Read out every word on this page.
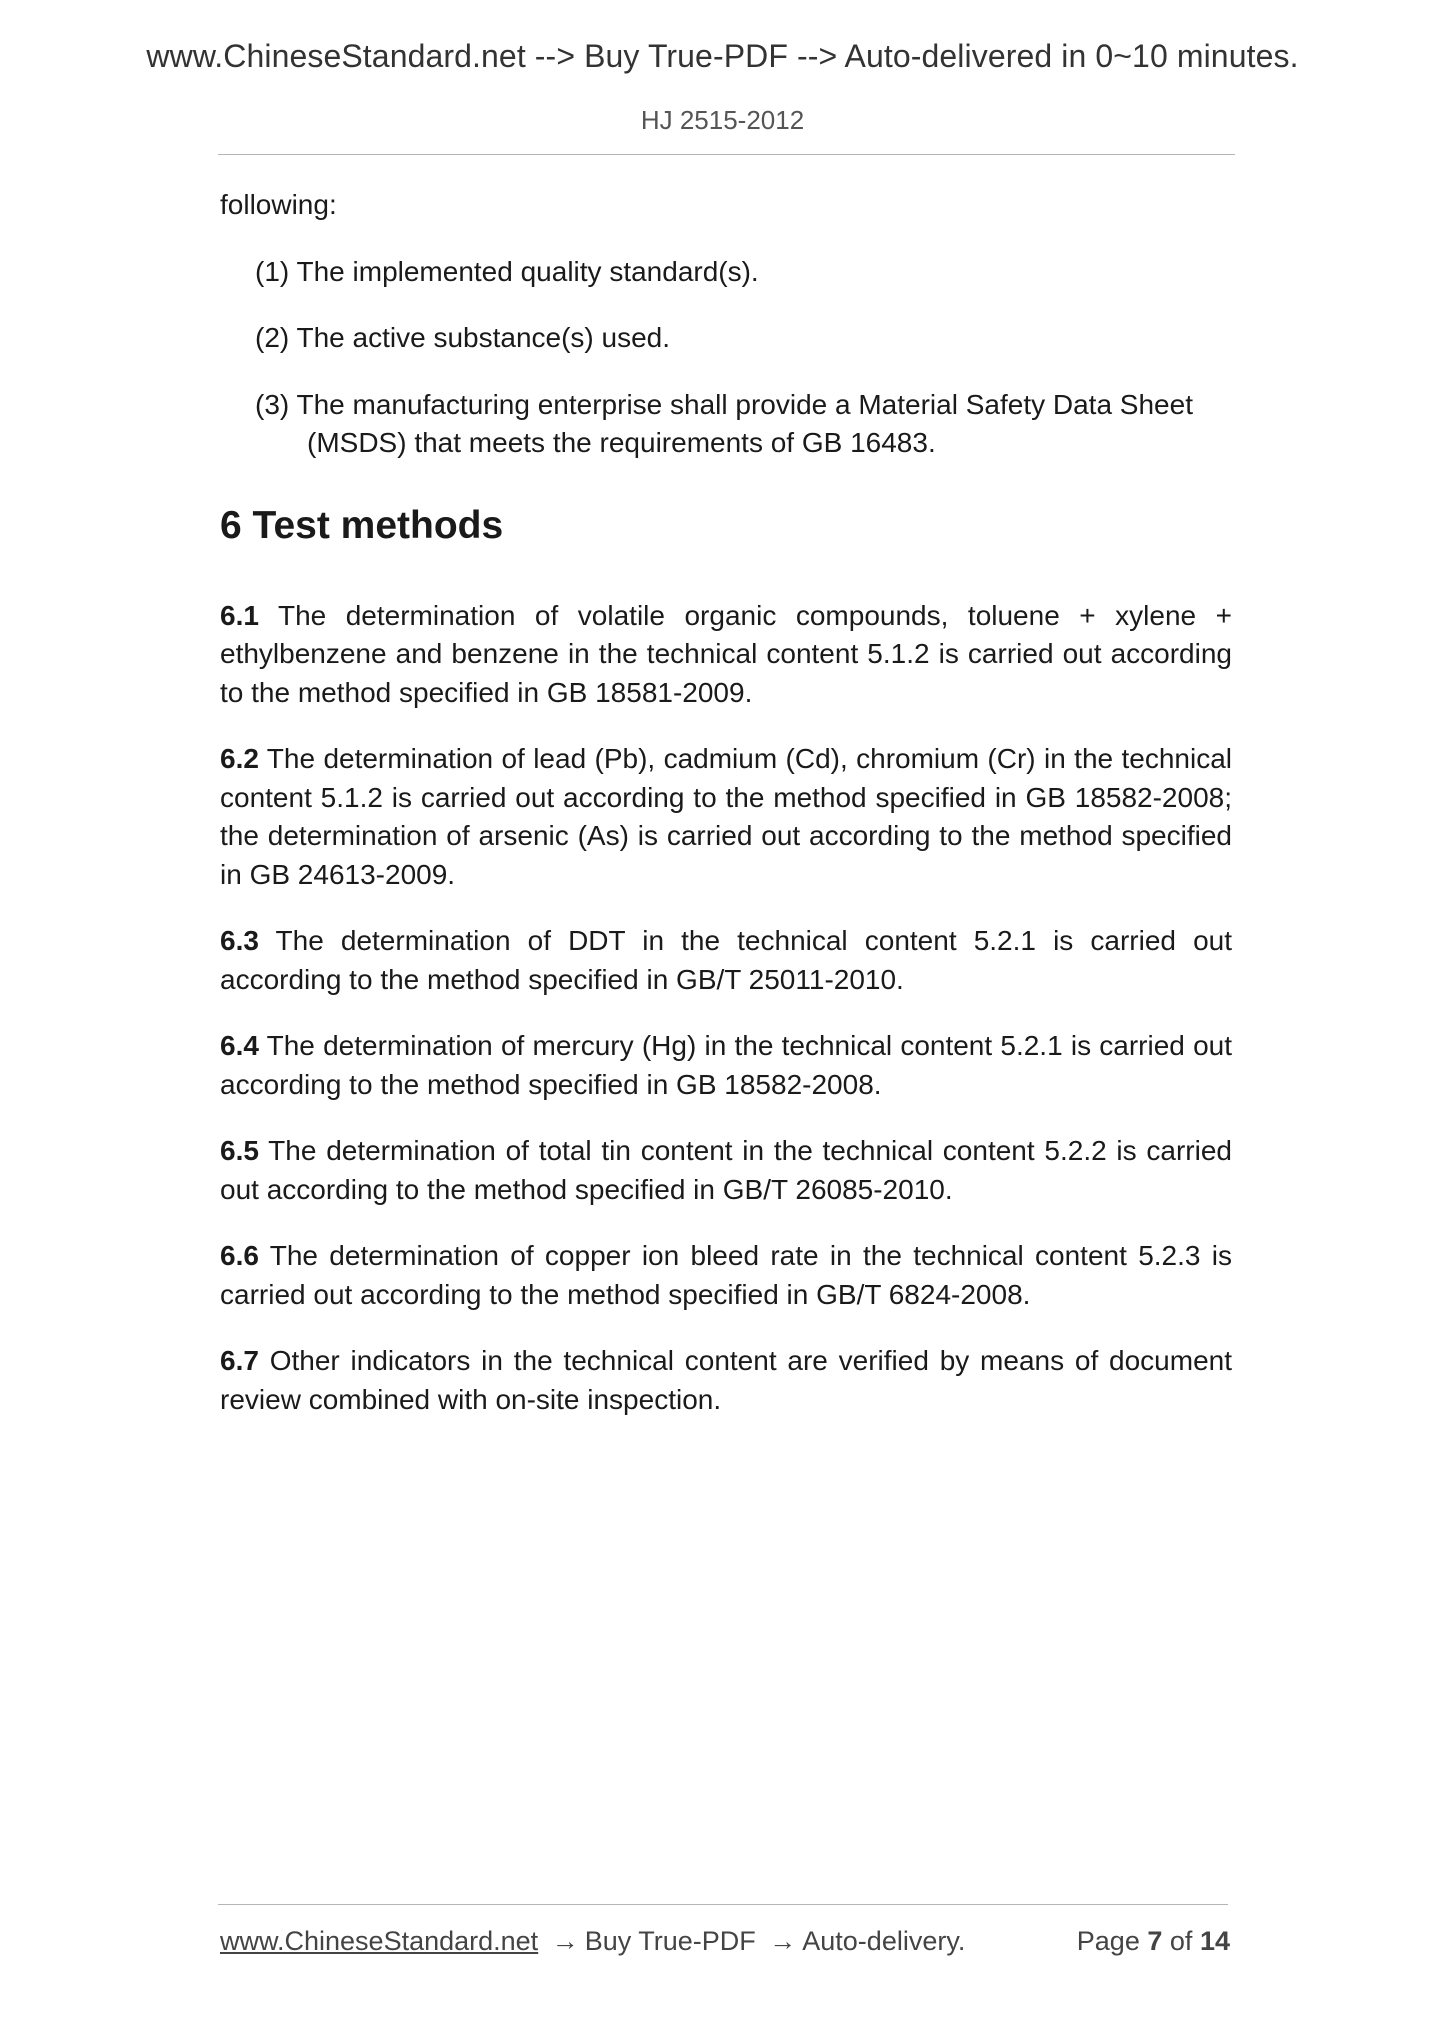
www.ChineseStandard.net --> Buy True-PDF --> Auto-delivered in 0~10 minutes.
HJ 2515-2012

following:

(1) The implemented quality standard(s).

(2) The active substance(s) used.

(3) The manufacturing enterprise shall provide a Material Safety Data Sheet (MSDS) that meets the requirements of GB 16483.

6 Test methods

6.1 The determination of volatile organic compounds, toluene + xylene + ethylbenzene and benzene in the technical content 5.1.2 is carried out according to the method specified in GB 18581-2009.

6.2 The determination of lead (Pb), cadmium (Cd), chromium (Cr) in the technical content 5.1.2 is carried out according to the method specified in GB 18582-2008; the determination of arsenic (As) is carried out according to the method specified in GB 24613-2009.

6.3 The determination of DDT in the technical content 5.2.1 is carried out according to the method specified in GB/T 25011-2010.

6.4 The determination of mercury (Hg) in the technical content 5.2.1 is carried out according to the method specified in GB 18582-2008.

6.5 The determination of total tin content in the technical content 5.2.2 is carried out according to the method specified in GB/T 26085-2010.

6.6 The determination of copper ion bleed rate in the technical content 5.2.3 is carried out according to the method specified in GB/T 6824-2008.

6.7 Other indicators in the technical content are verified by means of document review combined with on-site inspection.

www.ChineseStandard.net → Buy True-PDF → Auto-delivery.	Page 7 of 14
